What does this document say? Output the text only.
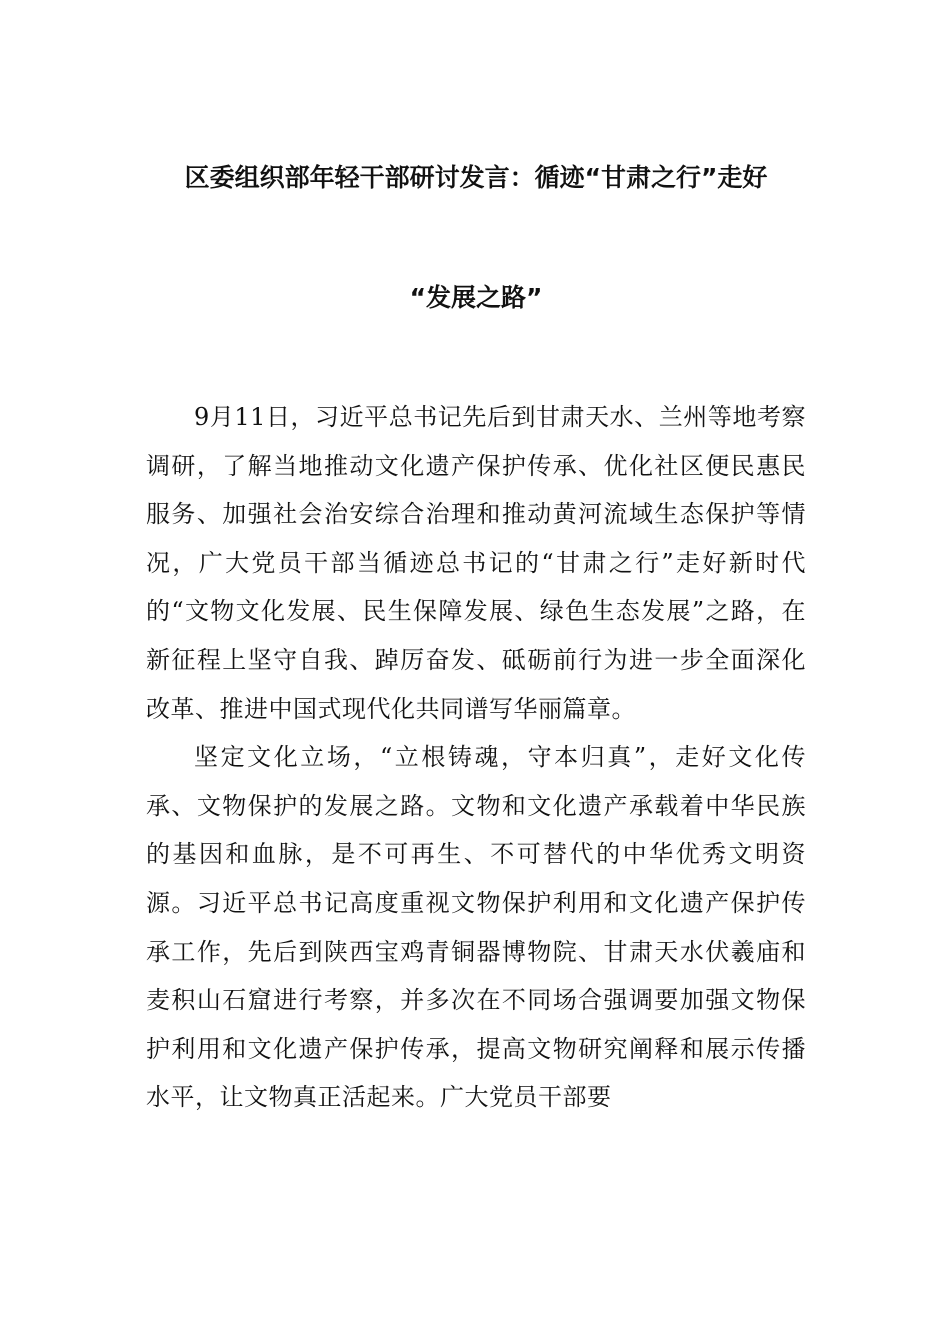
区委组织部年轻干部研讨发言：循迹“甘肃之行”走好
“发展之路”

9月11日，习近平总书记先后到甘肃天水、兰州等地考察调研，了解当地推动文化遗产保护传承、优化社区便民惠民服务、加强社会治安综合治理和推动黄河流域生态保护等情况，广大党员干部当循迹总书记的“甘肃之行”走好新时代的“文物文化发展、民生保障发展、绿色生态发展”之路，在新征程上坚守自我、踔厉奋发、砥砺前行为进一步全面深化改革、推进中国式现代化共同谱写华丽篇章。

坚定文化立场，“立根铸魂，守本归真”，走好文化传承、文物保护的发展之路。文物和文化遗产承载着中华民族的基因和血脉，是不可再生、不可替代的中华优秀文明资源。习近平总书记高度重视文物保护利用和文化遗产保护传承工作，先后到陕西宝鸡青铜器博物院、甘肃天水伏羲庙和麦积山石窟进行考察，并多次在不同场合强调要加强文物保护利用和文化遗产保护传承，提高文物研究阐释和展示传播水平，让文物真正活起来。广大党员干部要
